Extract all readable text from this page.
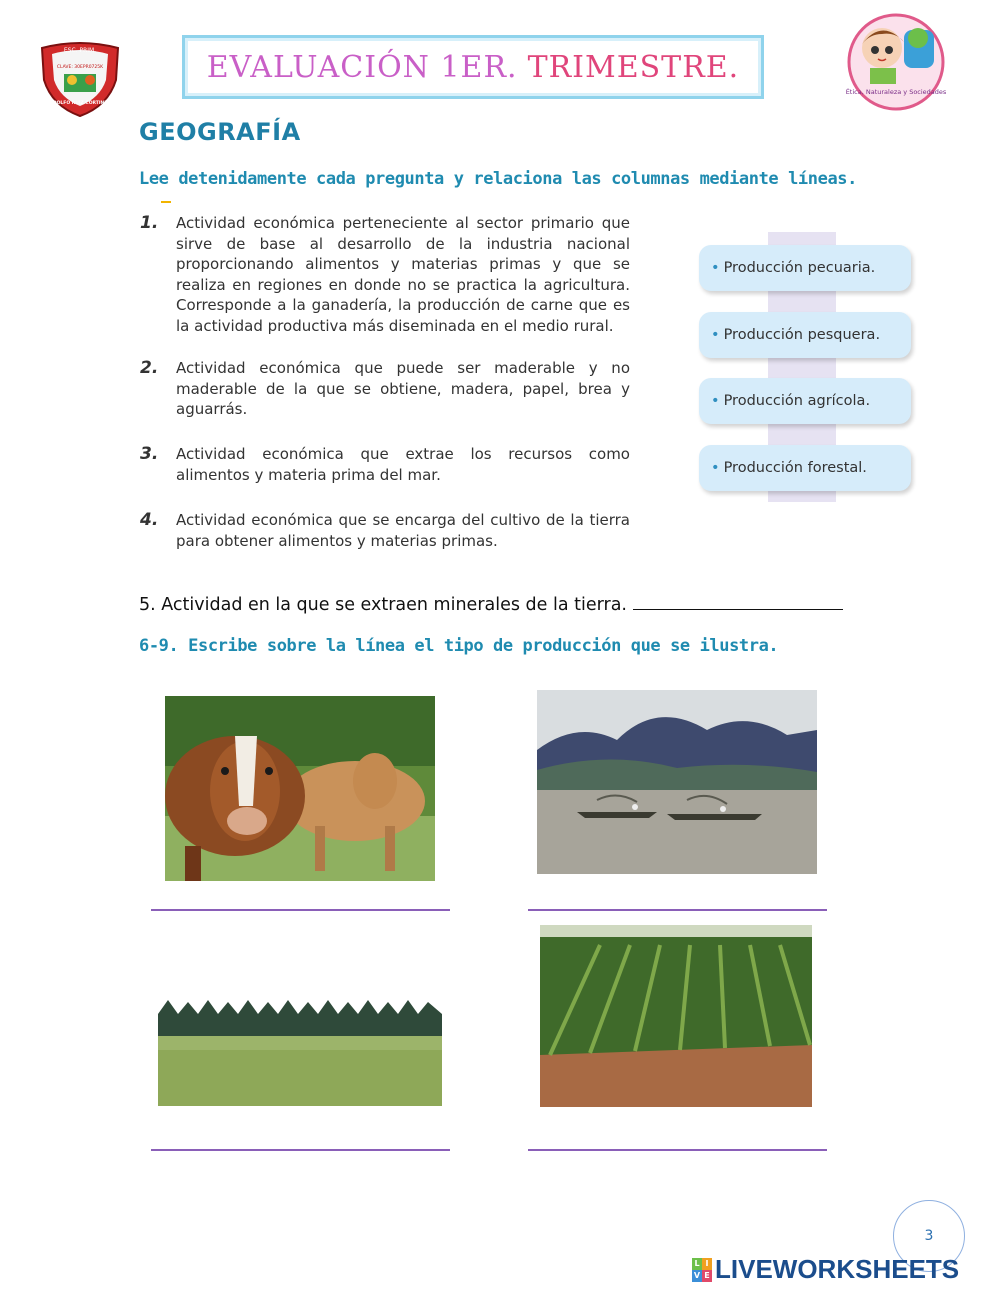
ESC. PRIM.
CLAVE: 30EPR0725K
ADOLFO RUIZ CORTINES
EVALUACIÓN 1ER. TRIMESTRE.
Ética, Naturaleza y Sociedades
GEOGRAFÍA
Lee detenidamente cada pregunta y relaciona las columnas mediante líneas.
1. Actividad económica perteneciente al sector primario que sirve de base al desarrollo de la industria nacional proporcionando alimentos y materias primas y que se realiza en regiones en donde no se practica la agricultura. Corresponde a la ganadería, la producción de carne que es la actividad productiva más diseminada en el medio rural.
2. Actividad económica que puede ser maderable y no maderable de la que se obtiene, madera, papel, brea y aguarrás.
3. Actividad económica que extrae los recursos como alimentos y materia prima del mar.
4. Actividad económica que se encarga del cultivo de la tierra para obtener alimentos y materias primas.
• Producción pecuaria.
• Producción pesquera.
• Producción agrícola.
• Producción forestal.
5. Actividad en la que se extraen minerales de la tierra.
6-9. Escribe sobre la línea el tipo de producción que se ilustra.
3
L I
V E LIVEWORKSHEETS
